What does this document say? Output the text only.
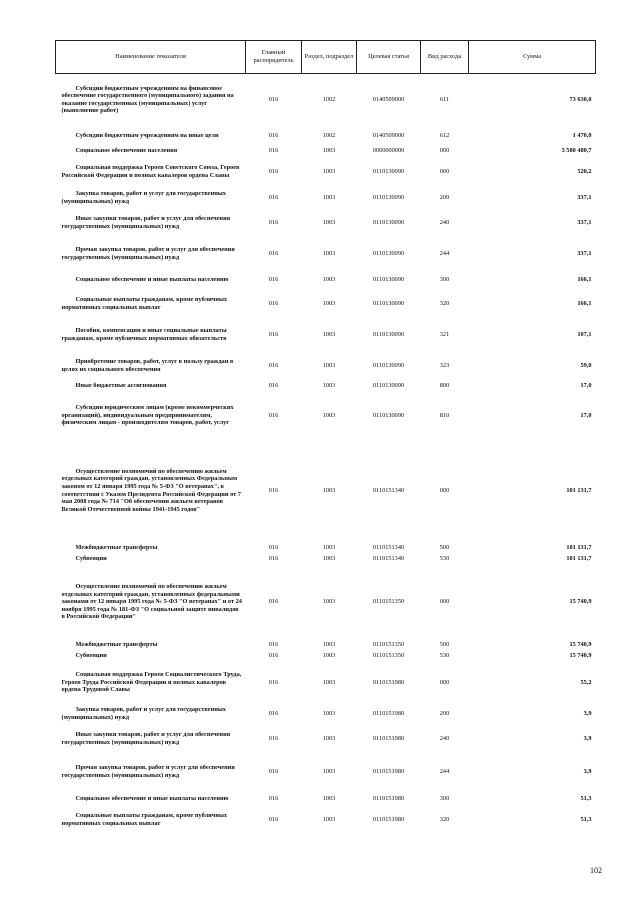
Наименование показателя	Главный распорядитель	Раздел, подраздел	Целевая статья	Вид расхода	Сумма
Субсидии бюджетным учреждениям на финансовое обеспечение государственного (муниципального) задания на оказание государственных (муниципальных) услуг (выполнение работ)	016	1002	0140509000	611	73 630,0
Субсидии бюджетным учреждениям на иные цели	016	1002	0140509000	612	1 470,0
Социальное обеспечение населения	016	1003	0000000000	000	3 580 480,7
Социальная поддержка Героев Советского Союза, Героев Российской Федерации и полных кавалеров ордена Славы	016	1003	0110130090	000	520,2
Закупка товаров, работ и услуг для государственных (муниципальных) нужд	016	1003	0110130090	200	337,1
Иные закупки товаров, работ и услуг для обеспечения государственных (муниципальных) нужд	016	1003	0110130090	240	337,1
Прочая закупка товаров, работ и услуг для обеспечения государственных (муниципальных) нужд	016	1003	0110130090	244	337,1
Социальное обеспечение и иные выплаты населению	016	1003	0110130090	300	166,1
Социальные выплаты гражданам, кроме публичных нормативных социальных выплат	016	1003	0110130090	320	166,1
Пособия, компенсации и иные социальные выплаты гражданам, кроме публичных нормативных обязательств	016	1003	0110130090	321	107,1
Приобретение товаров, работ, услуг в пользу граждан в целях их социального обеспечения	016	1003	0110130090	323	59,0
Иные бюджетные ассигнования	016	1003	0110130090	800	17,0
Субсидии юридическим лицам (кроме некоммерческих организаций), индивидуальным предпринимателям, физическим лицам - производителям товаров, работ, услуг	016	1003	0110130090	810	17,0
Осуществление полномочий по обеспечению жильем отдельных категорий граждан, установленных Федеральным законом от 12 января 1995 года № 5-ФЗ "О ветеранах", в соответствии с Указом Президента Российской Федерации от 7 мая 2008 года № 714 "Об обеспечении жильем ветеранов Великой Отечественной войны 1941-1945 годов"	016	1003	0110151340	000	101 131,7
Межбюджетные трансферты	016	1003	0110151340	500	101 131,7
Субвенции	016	1003	0110151340	530	101 131,7
Осуществление полномочий по обеспечению жильем отдельных категорий граждан, установленных федеральными законами от 12 января 1995 года № 5-ФЗ "О ветеранах" и от 24 ноября 1995 года № 181-ФЗ "О социальной защите инвалидов в Российской Федерации"	016	1003	0110151350	000	15 740,9
Межбюджетные трансферты	016	1003	0110151350	500	15 740,9
Субвенции	016	1003	0110151350	530	15 740,9
Социальная поддержка Героев Социалистического Труда, Героев Труда Российской Федерации и полных кавалеров ордена Трудовой Славы	016	1003	0110151980	000	55,2
Закупка товаров, работ и услуг для государственных (муниципальных) нужд	016	1003	0110151980	200	3,9
Иные закупки товаров, работ и услуг для обеспечения государственных (муниципальных) нужд	016	1003	0110151980	240	3,9
Прочая закупка товаров, работ и услуг для обеспечения государственных (муниципальных) нужд	016	1003	0110151980	244	3,9
Социальное обеспечение и иные выплаты населению	016	1003	0110151980	300	51,3
Социальные выплаты гражданам, кроме публичных нормативных социальных выплат	016	1003	0110151980	320	51,3
102
